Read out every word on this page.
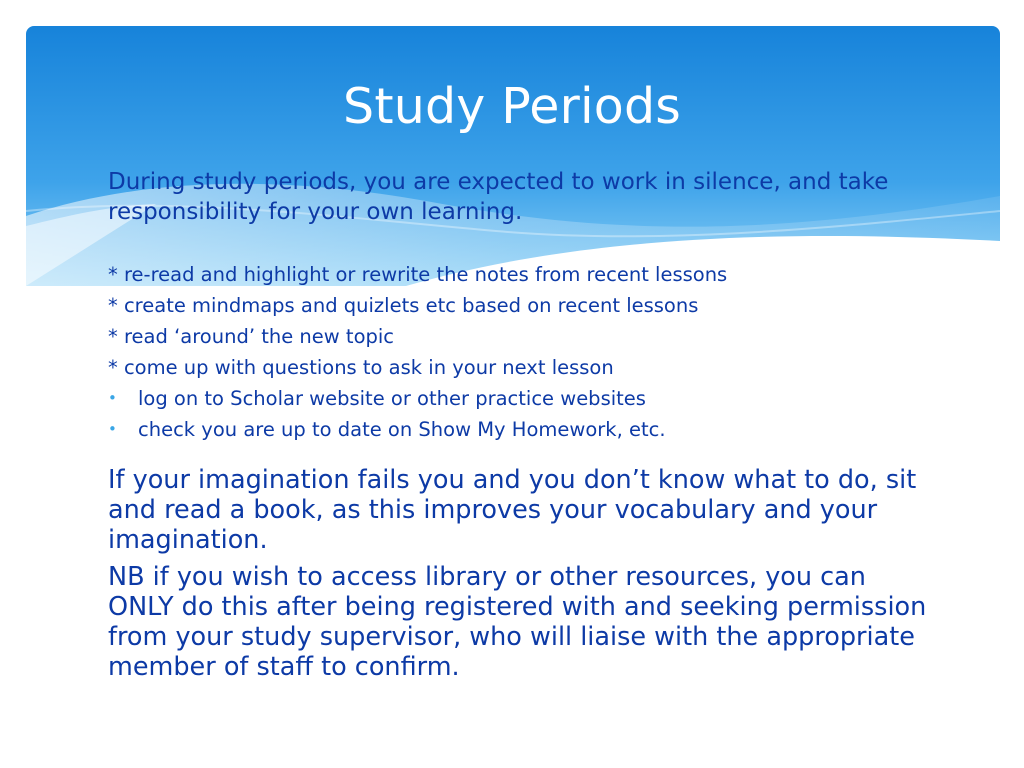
Study Periods

During study periods, you are expected to work in silence, and take responsibility for your own learning.

* re-read and highlight or rewrite the notes from recent lessons
* create mindmaps and quizlets etc based on recent lessons
* read ‘around’ the new topic
* come up with questions to ask in your next lesson
• log on to Scholar website or other practice websites
• check you are up to date on Show My Homework, etc.

If your imagination fails you and you don’t know what to do, sit and read a book, as this improves your vocabulary and your imagination.

NB if you wish to access library or other resources, you can ONLY do this after being registered with and seeking permission from your study supervisor, who will liaise with the appropriate member of staff to confirm.
